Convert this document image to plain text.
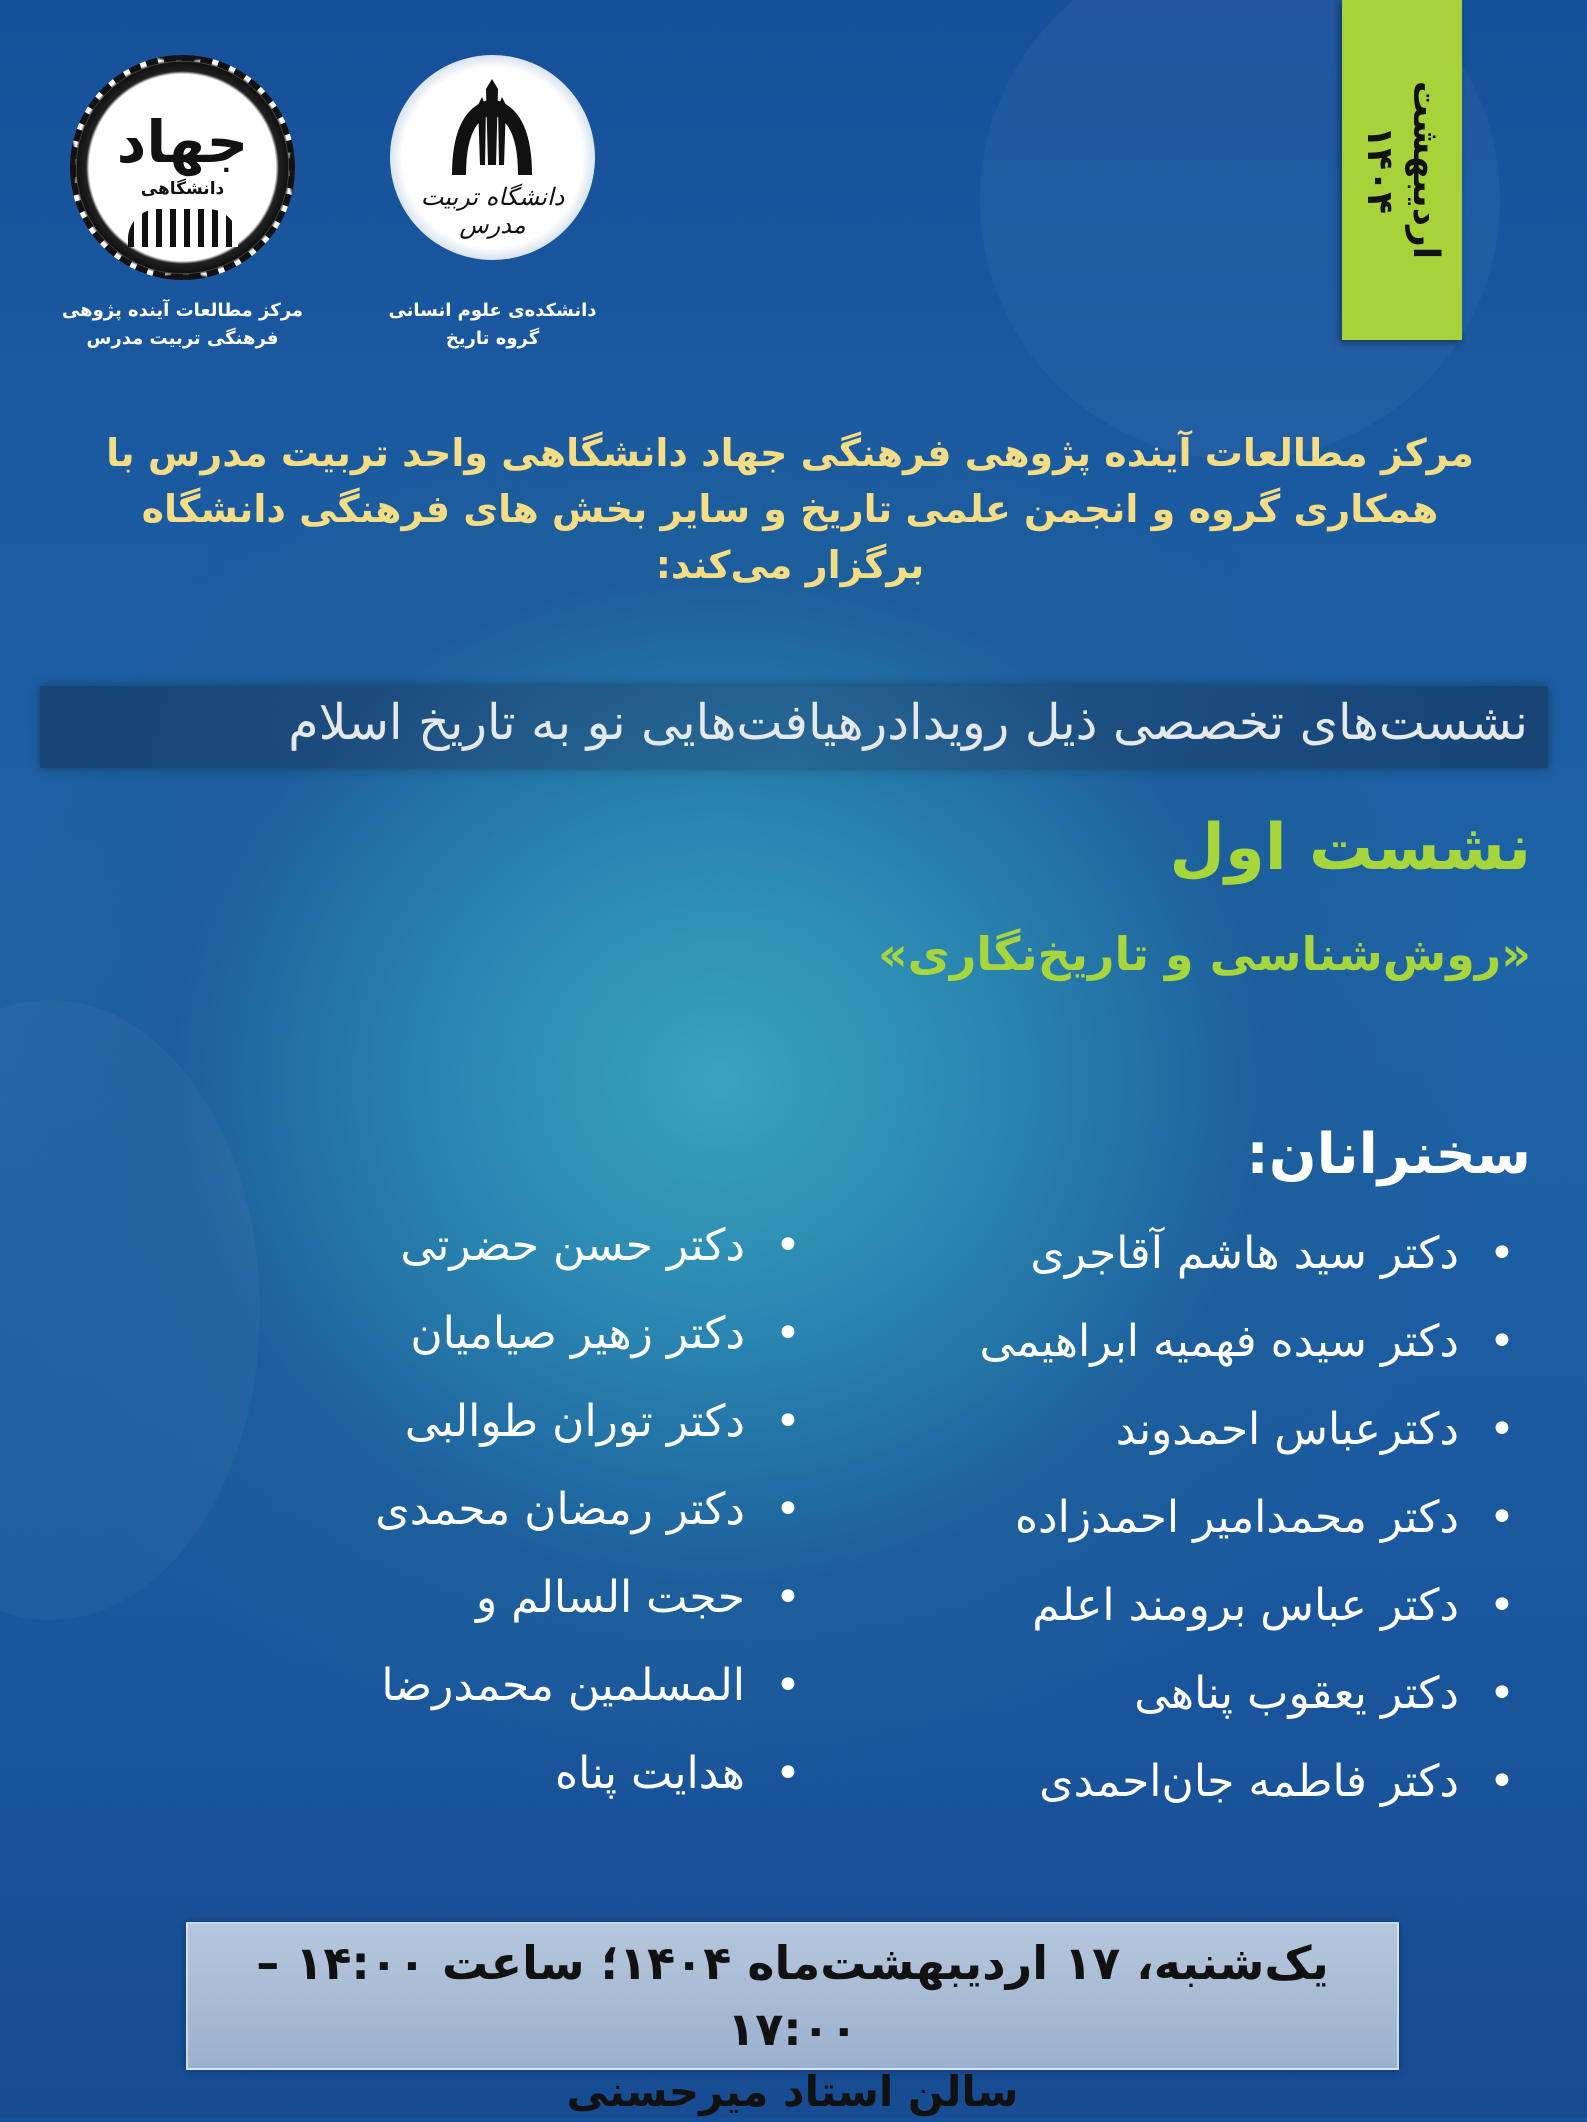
اردیبهشت
۱۴۰۴
جهاد
دانشگاهی
مرکز مطالعات آینده پژوهی
فرهنگی تربیت مدرس
دانشگاه تربیت مدرس
دانشکده‌ی علوم انسانی
گروه تاریخ
مرکز مطالعات آینده پژوهی فرهنگی جهاد دانشگاهی واحد تربیت مدرس با
همکاری گروه و انجمن علمی تاریخ و سایر بخش های فرهنگی دانشگاه
برگزار می‌کند:
نشست‌های تخصصی ذیل رویدادرهیافت‌هایی نو به تاریخ اسلام
نشست اول
«روش‌شناسی و تاریخ‌نگاری»
سخنرانان:
• دکتر سید هاشم آقاجری
• دکتر سیده فهمیه ابراهیمی
• دکترعباس احمدوند
• دکتر محمدامیر احمدزاده
• دکتر عباس برومند اعلم
• دکتر یعقوب پناهی
• دکتر فاطمه جان‌احمدی
• دکتر حسن حضرتی
• دکتر زهیر صیامیان
• دکتر توران طوالبی
• دکتر رمضان محمدی
• حجت السالم و
• المسلمین محمدرضا
• هدایت پناه
یک‌شنبه، ۱۷ اردیبهشت‌ماه ۱۴۰۴؛ ساعت ۱۴:۰۰ – ۱۷:۰۰
سالن استاد میرحسنی
